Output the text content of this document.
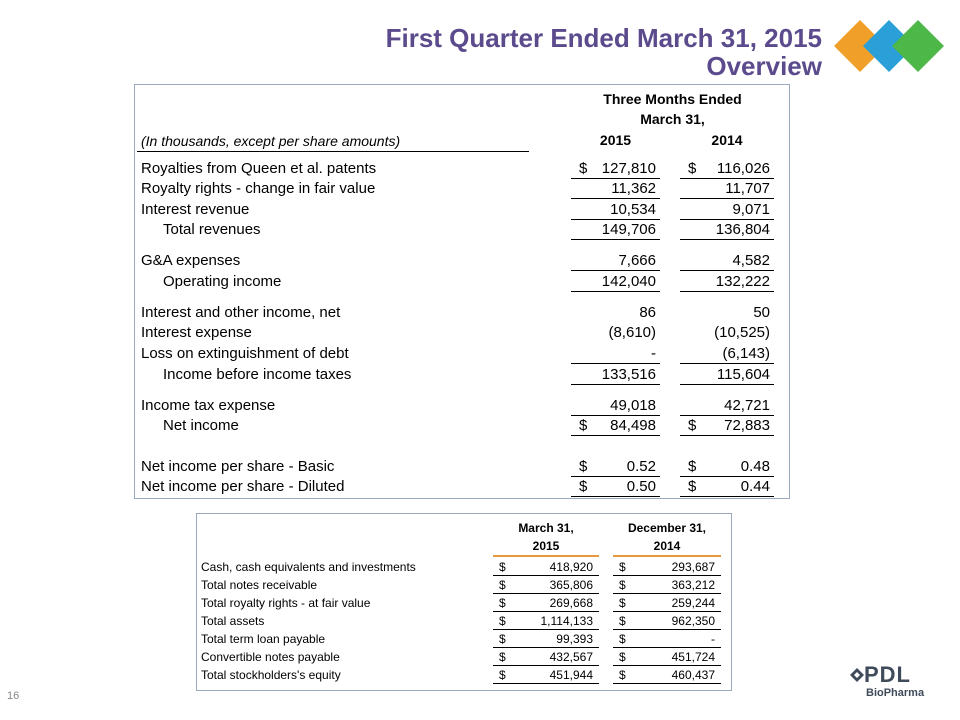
First Quarter Ended March 31, 2015
Overview
Three Months Ended
March 31,
2015	2014
(In thousands, except per share amounts)
Royalties from Queen et al. patents	$ 127,810 $ 116,026
Royalty rights - change in fair value	11,362	11,707
Interest revenue	10,534	9,071
Total revenues	149,706	136,804
G&A expenses	7,666	4,582
Operating income	142,040	132,222
Interest and other income, net	86	50
Interest expense	(8,610)	(10,525)
Loss on extinguishment of debt	-	(6,143)
Income before income taxes	133,516	115,604
Income tax expense	49,018	42,721
Net income	$ 84,498 $ 72,883
Net income per share - Basic	$	0.52 $	0.48
Net income per share - Diluted	$	0.50 $	0.44
March 31,
2015
December 31,
2014
Cash, cash equivalents and investments	$	418,920 $	293,687
Total notes receivable	$	365,806 $	363,212
Total royalty rights - at fair value	$	269,668 $	259,244
Total assets	$	1,114,133 $	962,350
Total term loan payable	$	99,393 $	-
Convertible notes payable	$	432,567 $	451,724
Total stockholders's equity	$	451,944 $	460,437
16
PDL
BioPharma
